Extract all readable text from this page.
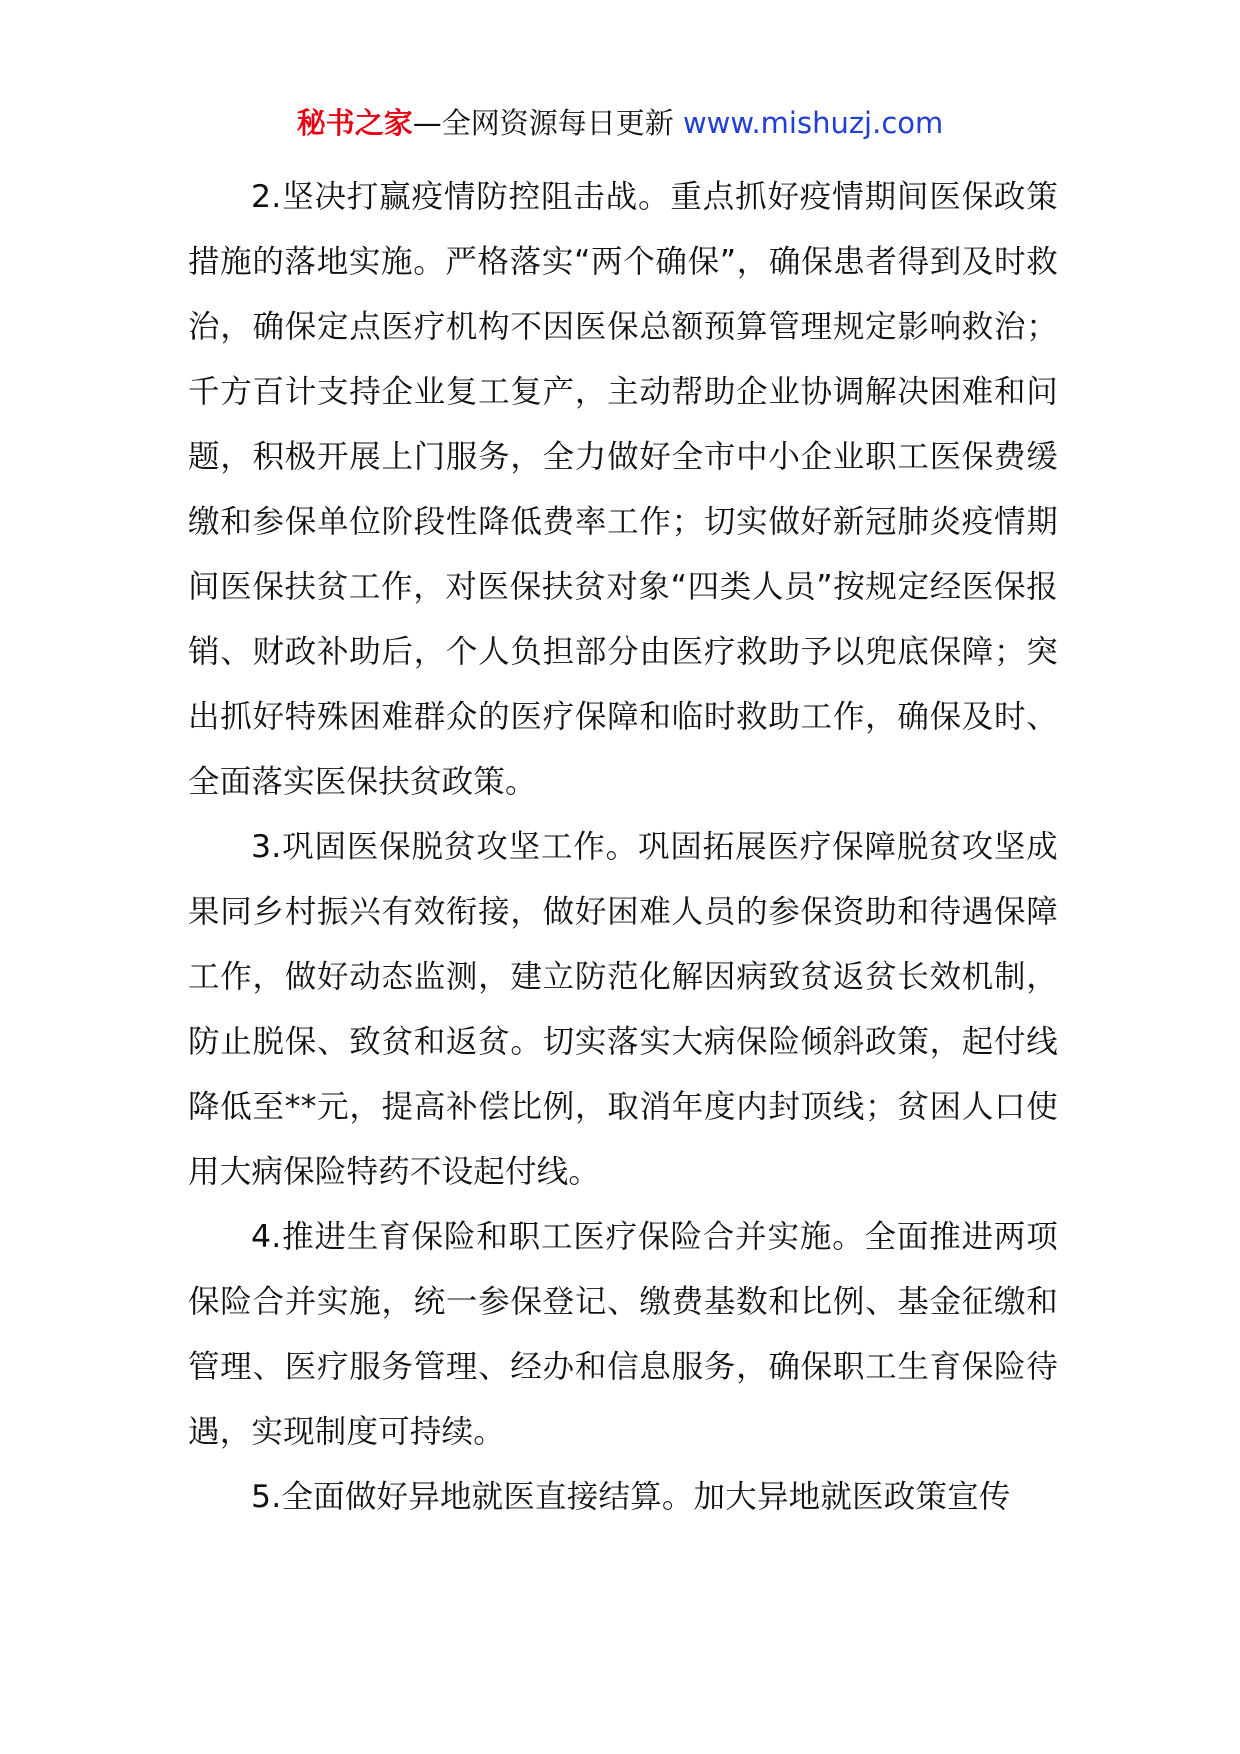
秘书之家—全网资源每日更新 www.mishuzj.com

2.坚决打赢疫情防控阻击战。重点抓好疫情期间医保政策措施的落地实施。严格落实“两个确保”，确保患者得到及时救治，确保定点医疗机构不因医保总额预算管理规定影响救治；千方百计支持企业复工复产，主动帮助企业协调解决困难和问题，积极开展上门服务，全力做好全市中小企业职工医保费缓缴和参保单位阶段性降低费率工作；切实做好新冠肺炎疫情期间医保扶贫工作，对医保扶贫对象“四类人员”按规定经医保报销、财政补助后，个人负担部分由医疗救助予以兜底保障；突出抓好特殊困难群众的医疗保障和临时救助工作，确保及时、全面落实医保扶贫政策。

3.巩固医保脱贫攻坚工作。巩固拓展医疗保障脱贫攻坚成果同乡村振兴有效衔接，做好困难人员的参保资助和待遇保障工作，做好动态监测，建立防范化解因病致贫返贫长效机制，防止脱保、致贫和返贫。切实落实大病保险倾斜政策，起付线降低至**元，提高补偿比例，取消年度内封顶线；贫困人口使用大病保险特药不设起付线。

4.推进生育保险和职工医疗保险合并实施。全面推进两项保险合并实施，统一参保登记、缴费基数和比例、基金征缴和管理、医疗服务管理、经办和信息服务，确保职工生育保险待遇，实现制度可持续。

5.全面做好异地就医直接结算。加大异地就医政策宣传
